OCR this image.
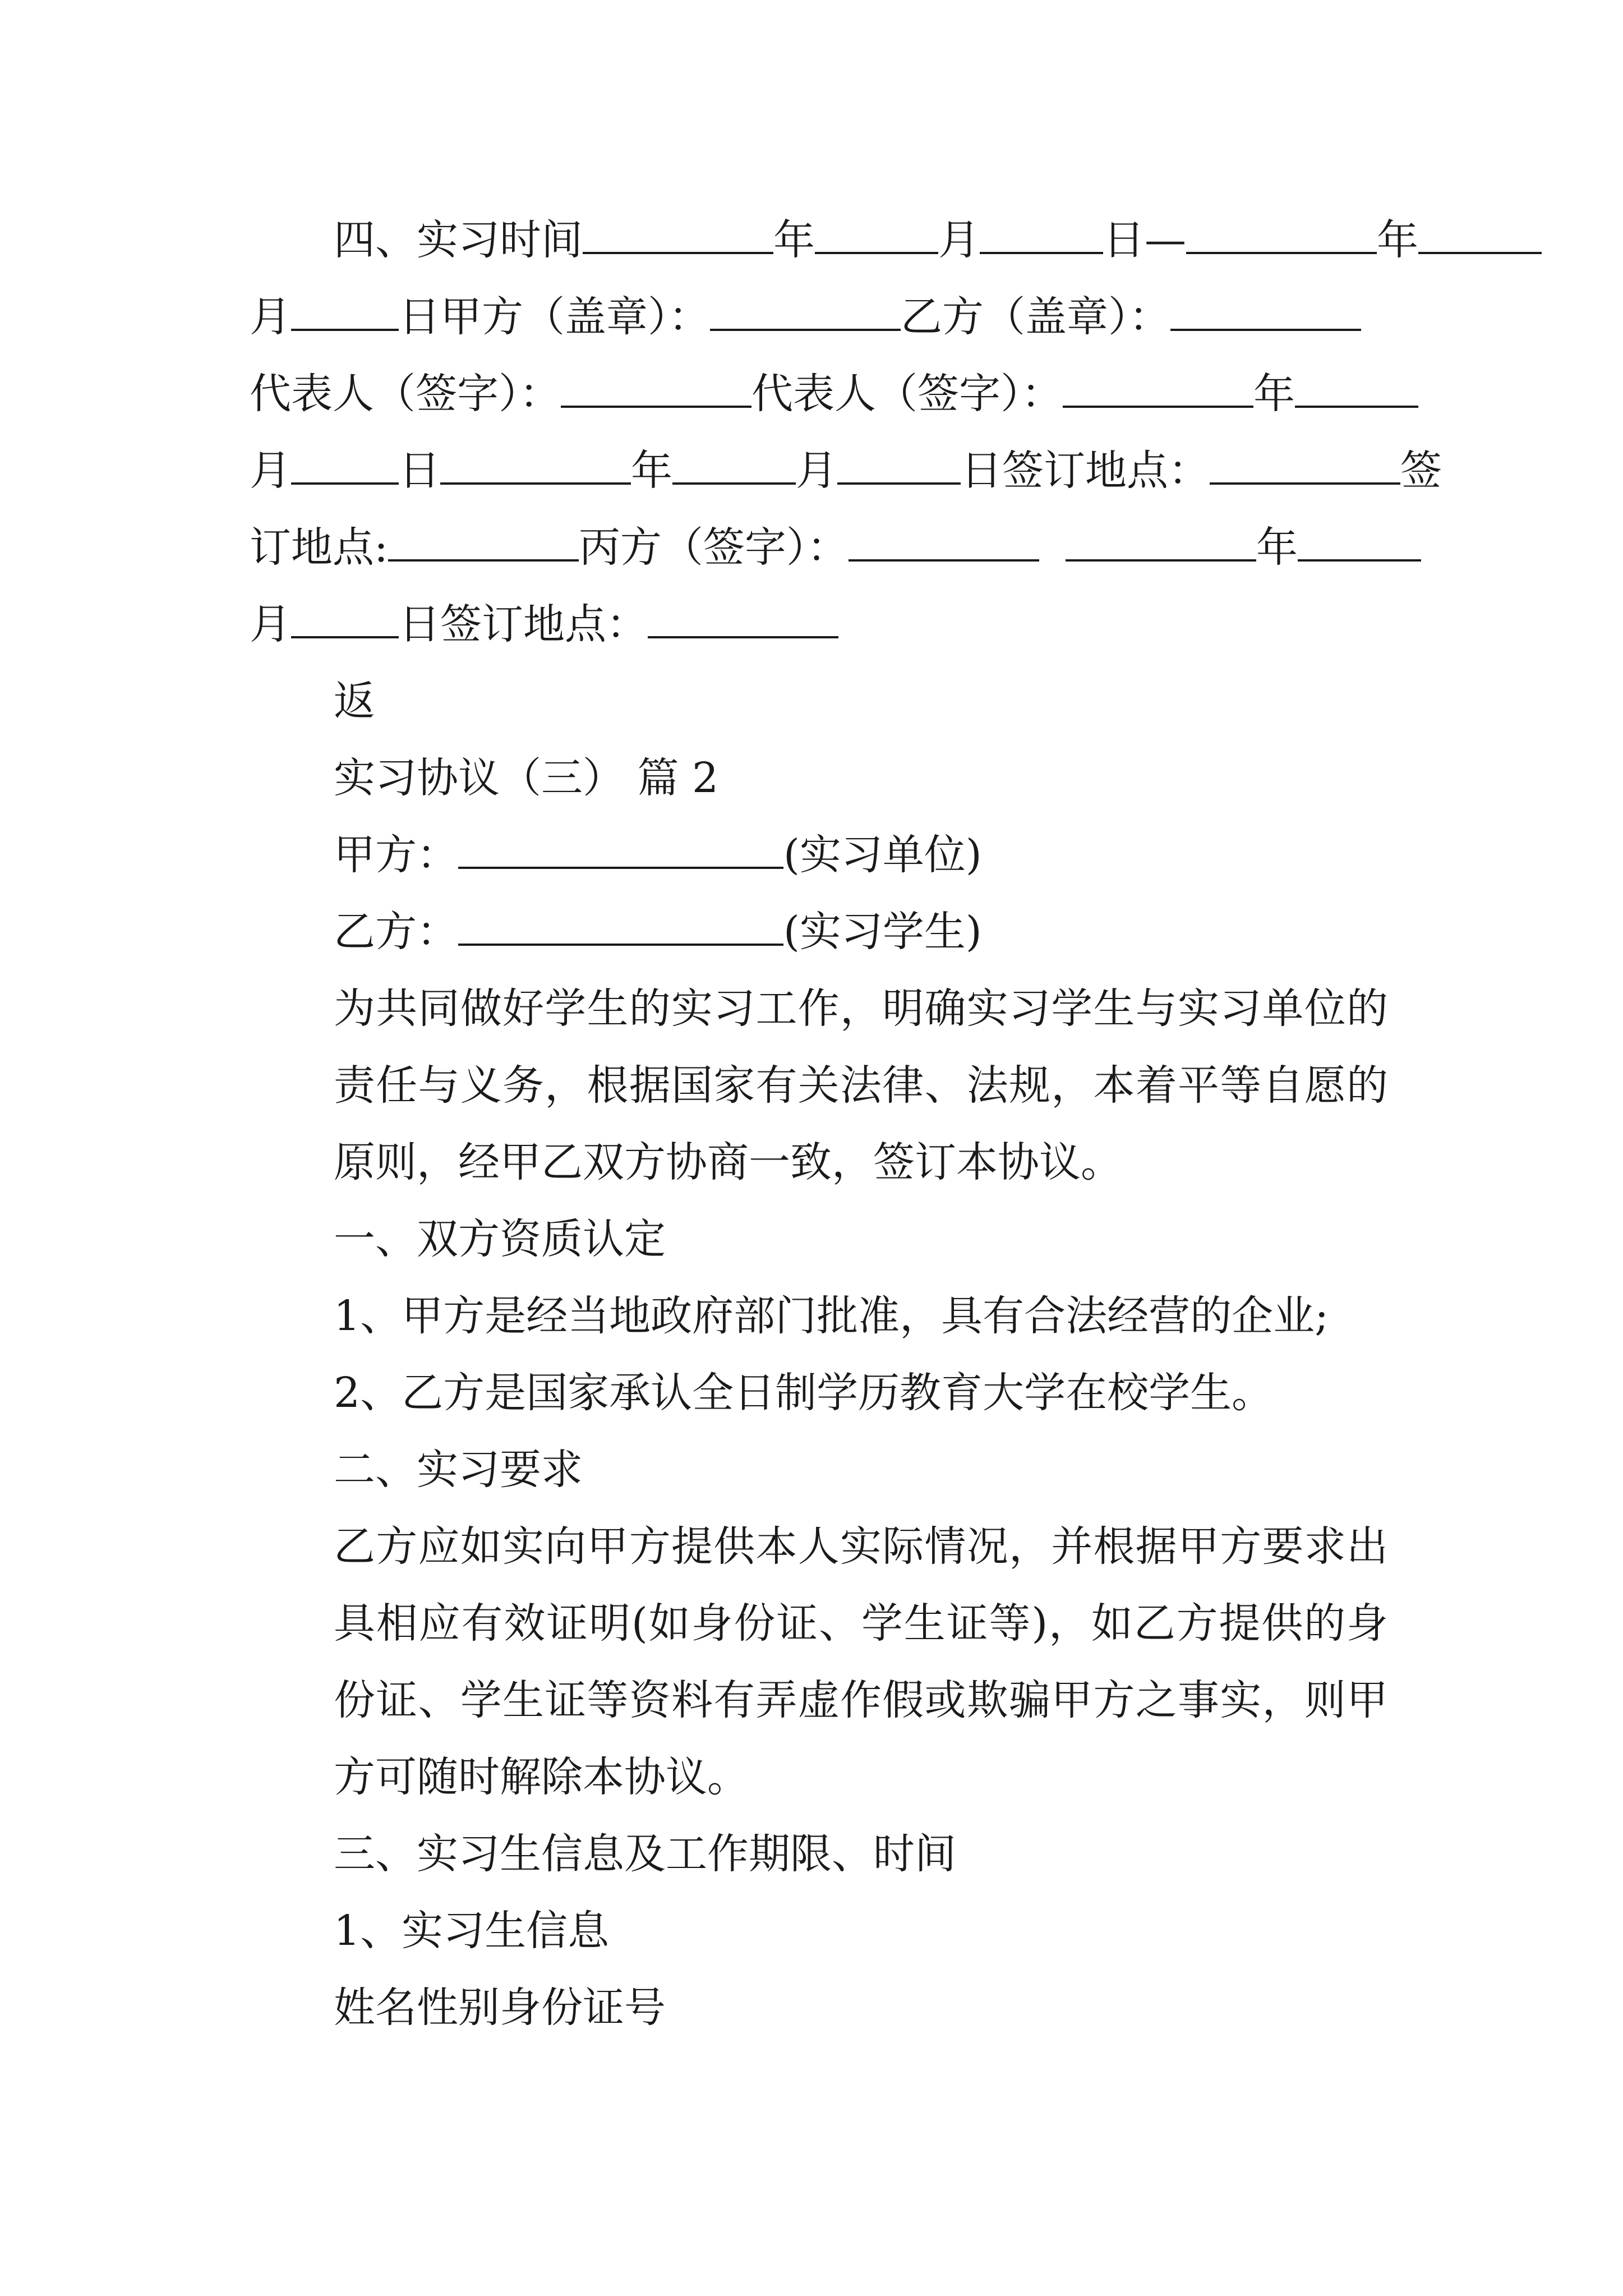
四、实习时间	年	月	日—	年

月	日甲方（盖章）：	乙方（盖章）：

代表人（签字）：	代表人（签字）：	年

月	日	年	月	日签订地点：	签

订地点:	丙方（签字）：	年

月	日签订地点：

返

实习协议（三） 篇 2

甲方：	(实习单位)

乙方：	(实习学生)

为共同做好学生的实习工作，明确实习学生与实习单位的责任与义务，根据国家有关法律、法规，本着平等自愿的原则，经甲乙双方协商一致，签订本协议。

一、双方资质认定

1、甲方是经当地政府部门批准，具有合法经营的企业;

2、乙方是国家承认全日制学历教育大学在校学生。

二、实习要求

乙方应如实向甲方提供本人实际情况，并根据甲方要求出具相应有效证明(如身份证、学生证等)，如乙方提供的身份证、学生证等资料有弄虚作假或欺骗甲方之事实，则甲方可随时解除本协议。

三、实习生信息及工作期限、时间

1、实习生信息

姓名性别身份证号
